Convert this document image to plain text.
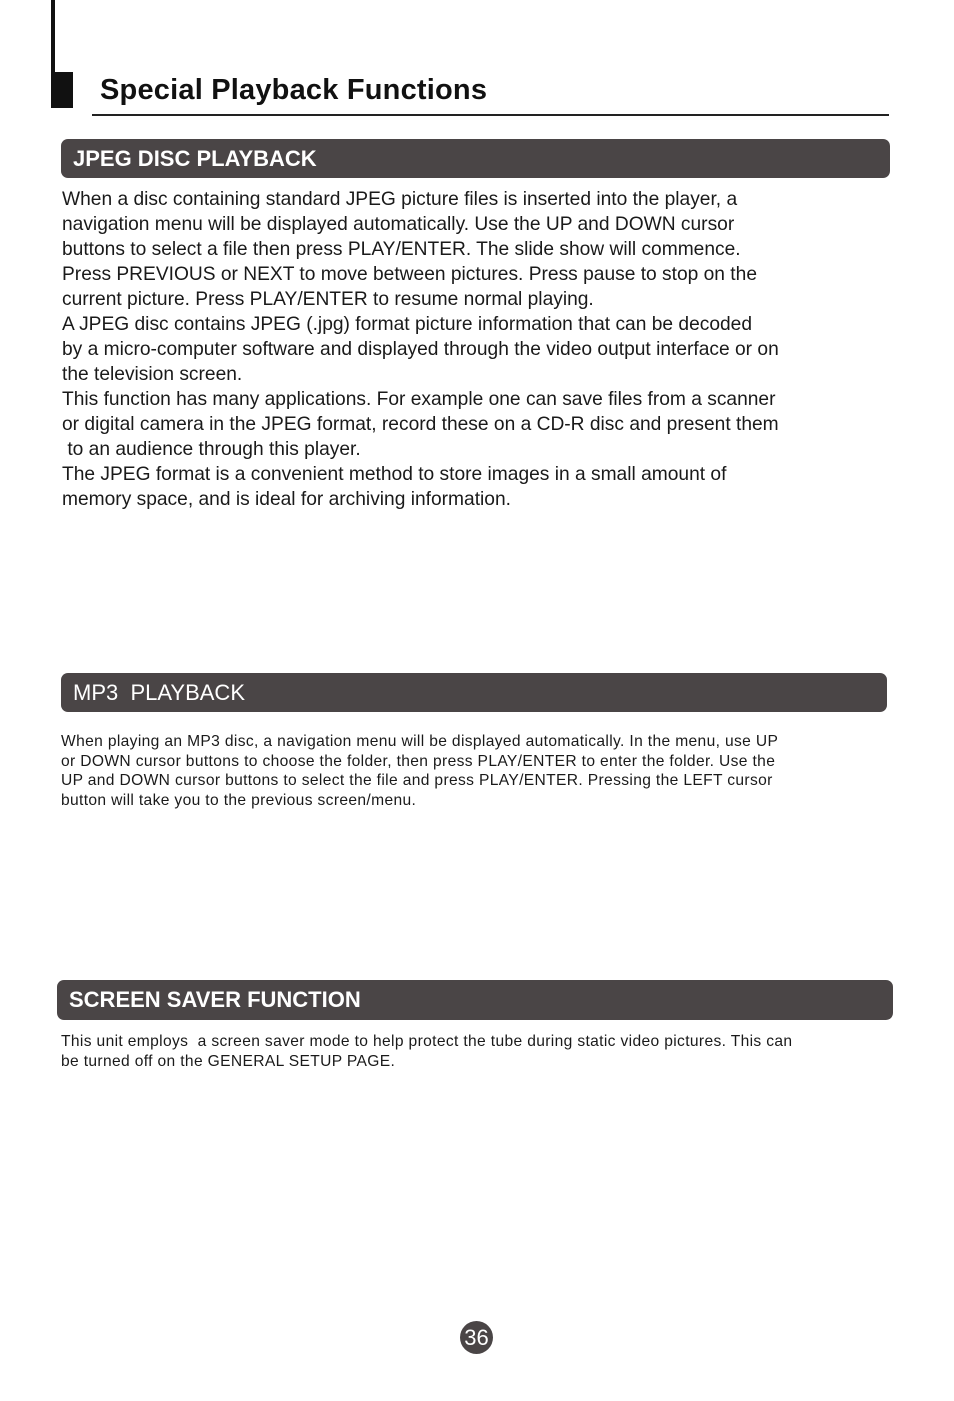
Special Playback Functions
JPEG DISC PLAYBACK
When a disc containing standard JPEG picture files is inserted into the player, a
navigation menu will be displayed automatically. Use the UP and DOWN cursor
buttons to select a file then press PLAY/ENTER. The slide show will commence.
Press PREVIOUS or NEXT to move between pictures. Press pause to stop on the
current picture. Press PLAY/ENTER to resume normal playing.
A JPEG disc contains JPEG (.jpg) format picture information that can be decoded
by a micro-computer software and displayed through the video output interface or on
the television screen.
This function has many applications. For example one can save files from a scanner
or digital camera in the JPEG format, record these on a CD-R disc and present them
to an audience through this player.
The JPEG format is a convenient method to store images in a small amount of
memory space, and is ideal for archiving information.
MP3  PLAYBACK
When playing an MP3 disc, a navigation menu will be displayed automatically. In the menu, use UP
or DOWN cursor buttons to choose the folder, then press PLAY/ENTER to enter the folder. Use the
UP and DOWN cursor buttons to select the file and press PLAY/ENTER. Pressing the LEFT cursor
button will take you to the previous screen/menu.
SCREEN SAVER FUNCTION
This unit employs  a screen saver mode to help protect the tube during static video pictures. This can
be turned off on the GENERAL SETUP PAGE.
36
